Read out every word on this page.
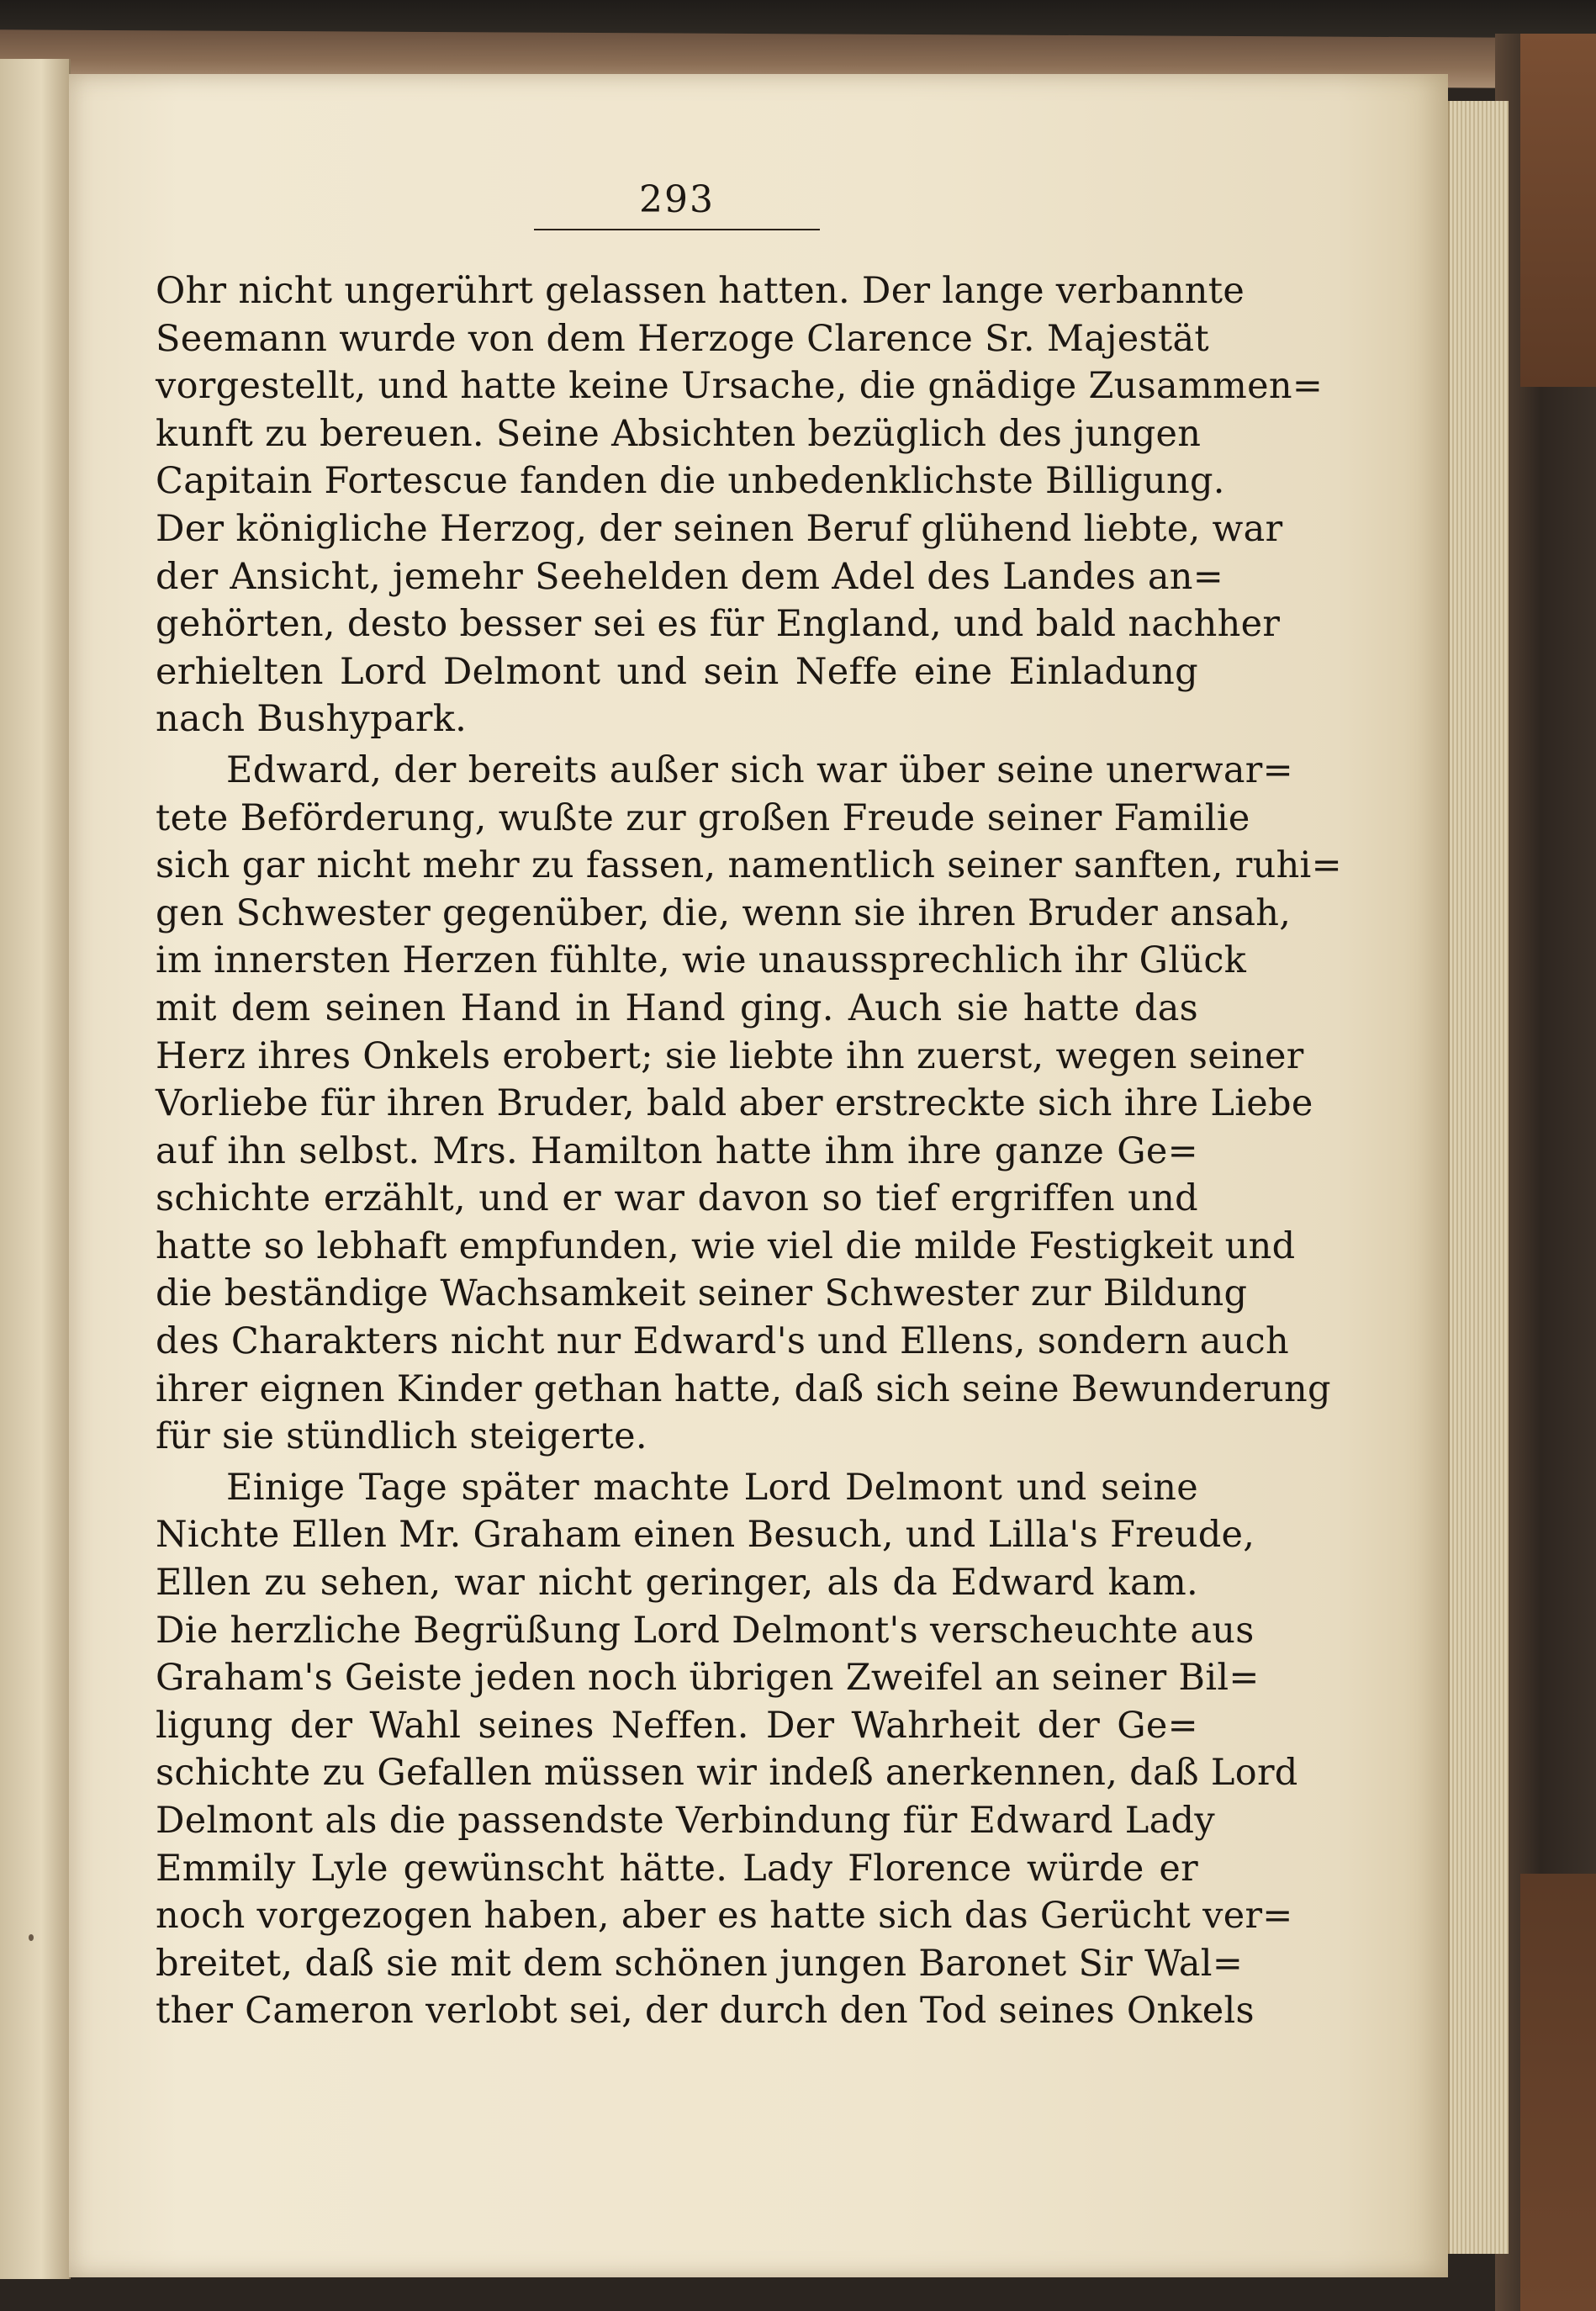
293
Ohr nicht ungerührt gelassen hatten. Der lange verbannte
Seemann wurde von dem Herzoge Clarence Sr. Majestät
vorgestellt, und hatte keine Ursache, die gnädige Zusammen=
kunft zu bereuen. Seine Absichten bezüglich des jungen
Capitain Fortescue fanden die unbedenklichste Billigung.
Der königliche Herzog, der seinen Beruf glühend liebte, war
der Ansicht, jemehr Seehelden dem Adel des Landes an=
gehörten, desto besser sei es für England, und bald nachher
erhielten Lord Delmont und sein Neffe eine Einladung
nach Bushypark.
Edward, der bereits außer sich war über seine unerwar=
tete Beförderung, wußte zur großen Freude seiner Familie
sich gar nicht mehr zu fassen, namentlich seiner sanften, ruhi=
gen Schwester gegenüber, die, wenn sie ihren Bruder ansah,
im innersten Herzen fühlte, wie unaussprechlich ihr Glück
mit dem seinen Hand in Hand ging. Auch sie hatte das
Herz ihres Onkels erobert; sie liebte ihn zuerst, wegen seiner
Vorliebe für ihren Bruder, bald aber erstreckte sich ihre Liebe
auf ihn selbst. Mrs. Hamilton hatte ihm ihre ganze Ge=
schichte erzählt, und er war davon so tief ergriffen und
hatte so lebhaft empfunden, wie viel die milde Festigkeit und
die beständige Wachsamkeit seiner Schwester zur Bildung
des Charakters nicht nur Edward's und Ellens, sondern auch
ihrer eignen Kinder gethan hatte, daß sich seine Bewunderung
für sie stündlich steigerte.
Einige Tage später machte Lord Delmont und seine
Nichte Ellen Mr. Graham einen Besuch, und Lilla's Freude,
Ellen zu sehen, war nicht geringer, als da Edward kam.
Die herzliche Begrüßung Lord Delmont's verscheuchte aus
Graham's Geiste jeden noch übrigen Zweifel an seiner Bil=
ligung der Wahl seines Neffen. Der Wahrheit der Ge=
schichte zu Gefallen müssen wir indeß anerkennen, daß Lord
Delmont als die passendste Verbindung für Edward Lady
Emmily Lyle gewünscht hätte. Lady Florence würde er
noch vorgezogen haben, aber es hatte sich das Gerücht ver=
breitet, daß sie mit dem schönen jungen Baronet Sir Wal=
ther Cameron verlobt sei, der durch den Tod seines Onkels
